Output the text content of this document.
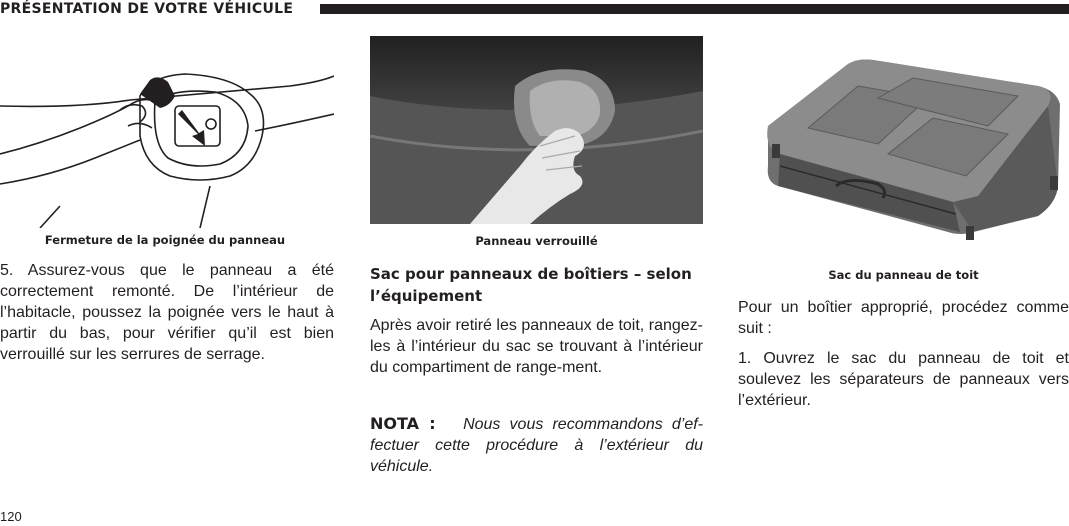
PRÉSENTATION DE VOTRE VÉHICULE
Fermeture de la poignée du panneau	Panneau verrouillé
Sac du panneau de toit

5. Assurez-vous que le panneau a été correctement remonté. De l’intérieur de l’habitacle, poussez la poignée vers le haut à partir du bas, pour vérifier qu’il est bien verrouillé sur les serrures de serrage.

Sac pour panneaux de boîtiers – selon l’équipement

Après avoir retiré les panneaux de toit, rangez-les à l’intérieur du sac se trouvant à l’intérieur du compartiment de range-ment.

NOTA : Nous vous recommandons d’ef-fectuer cette procédure à l’extérieur du véhicule.

Pour un boîtier approprié, procédez comme suit :

1. Ouvrez le sac du panneau de toit et soulevez les séparateurs de panneaux vers l’extérieur.

120
